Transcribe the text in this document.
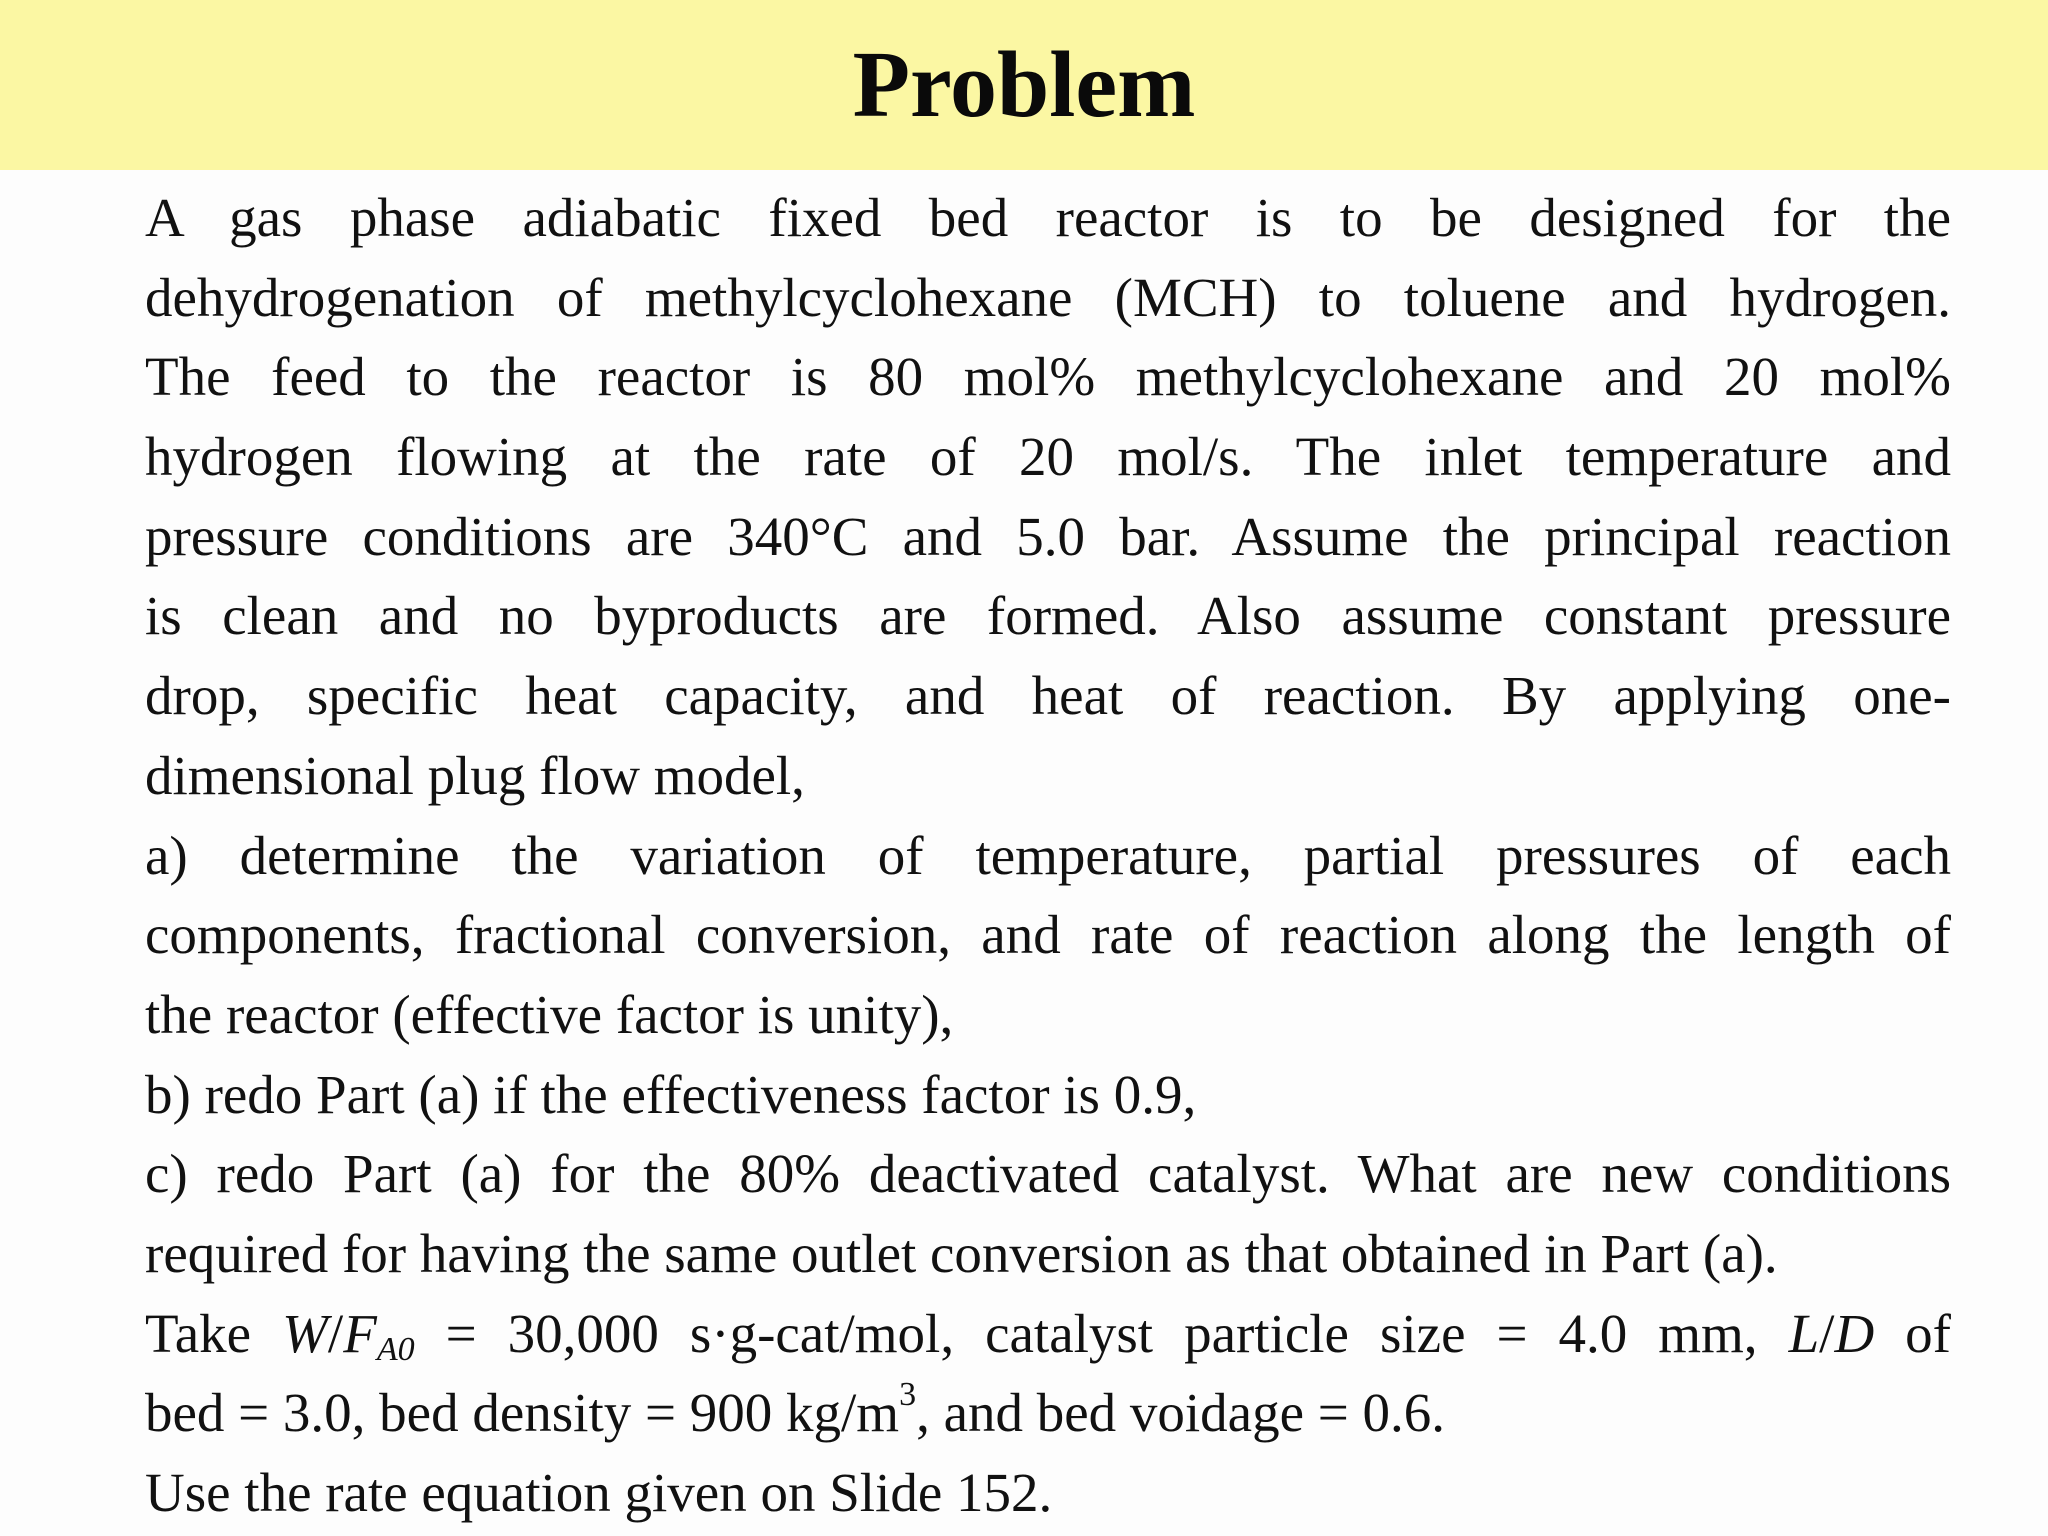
Problem
A gas phase adiabatic fixed bed reactor is to be designed for the
dehydrogenation of methylcyclohexane (MCH) to toluene and hydrogen.
The feed to the reactor is 80 mol% methylcyclohexane and 20 mol%
hydrogen flowing at the rate of 20 mol/s. The inlet temperature and
pressure conditions are 340°C and 5.0 bar. Assume the principal reaction
is clean and no byproducts are formed. Also assume constant pressure
drop, specific heat capacity, and heat of reaction. By applying one-
dimensional plug flow model,
a) determine the variation of temperature, partial pressures of each
components, fractional conversion, and rate of reaction along the length of
the reactor (effective factor is unity),
b) redo Part (a) if the effectiveness factor is 0.9,
c) redo Part (a) for the 80% deactivated catalyst. What are new conditions
required for having the same outlet conversion as that obtained in Part (a).
Take $W/F_{A0} = 30,000$ s·g-cat/mol, catalyst particle size = 4.0 mm, L/D of
bed = 3.0, bed density = 900 $kg/m^3$, and bed voidage = 0.6.
Use the rate equation given on Slide 152.
